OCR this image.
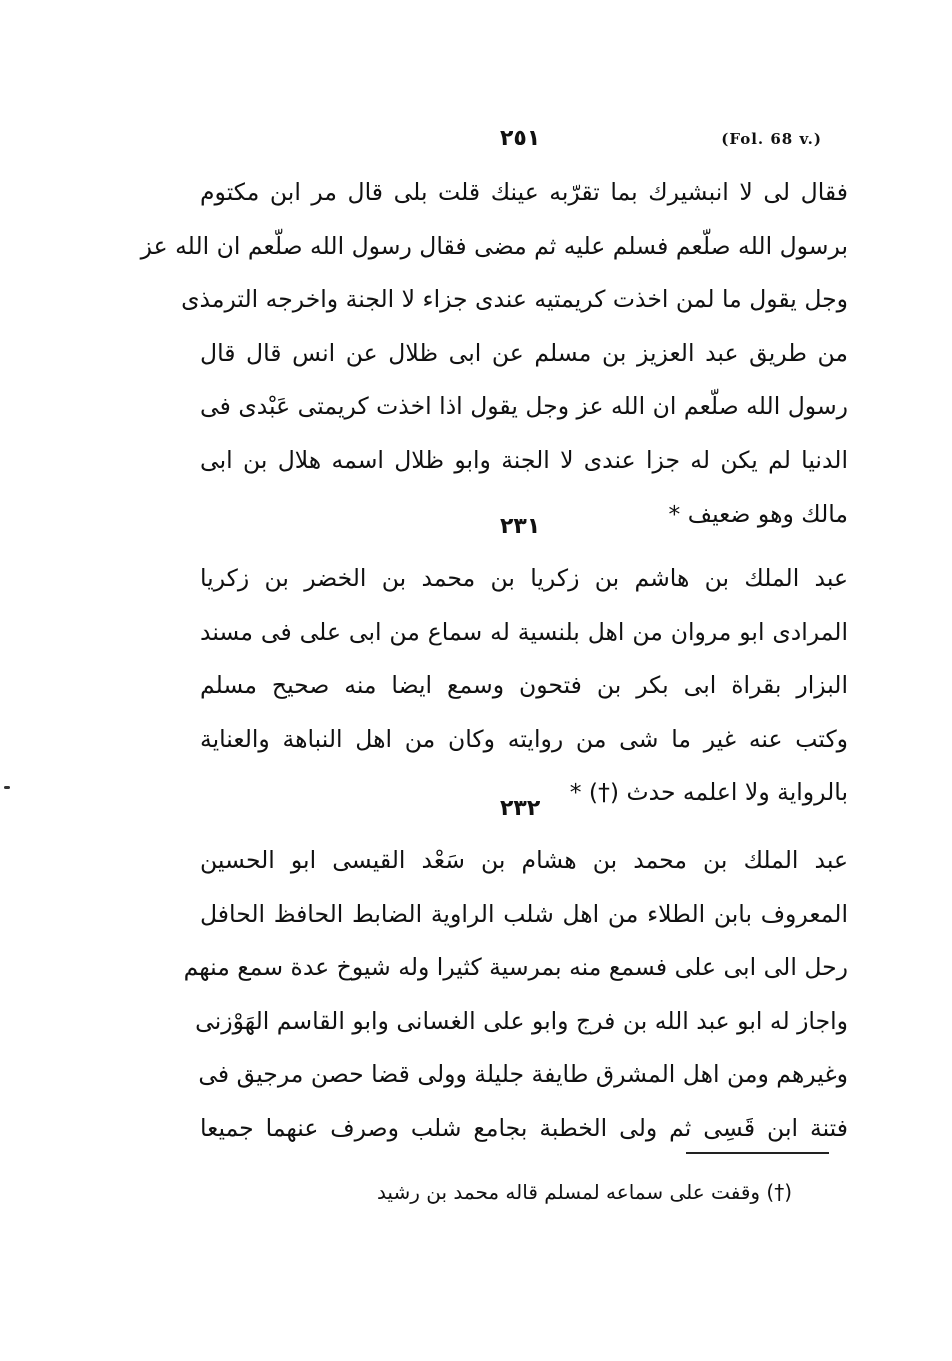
٢٥١	(Fol. 68 v.)
فقال لى لا انبشيرك بما تقرّبه عينك قلت بلى قال مر ابن مكتوم
برسول الله صلّعم فسلم عليه ثم مضى فقال رسول الله صلّعم ان الله عز
وجل يقول ما لمن اخذت كريمتيه عندى جزاء لا الجنة واخرجه الترمذى
من طريق عبد العزيز بن مسلم عن ابى ظلال عن انس قال قال
رسول الله صلّعم ان الله عز وجل يقول اذا اخذت كريمتى عَبْدى فى
الدنيا لم يكن له جزا عندى لا الجنة وابو ظلال اسمه هلال بن ابى
مالك وهو ضعيف *
٢٣١
عبد الملك بن هاشم بن زكريا بن محمد بن الخضر بن زكريا
المرادى ابو مروان من اهل بلنسية له سماع من ابى على فى مسند
البزار بقراة ابى بكر بن فتحون وسمع ايضا منه صحيح مسلم
وكتب عنه غير ما شى من روايته وكان من اهل النباهة والعناية
بالرواية ولا اعلمه حدث (†) *
٢٣٢
عبد الملك بن محمد بن هشام بن سَعْد القيسى ابو الحسين
المعروف بابن الطلاء من اهل شلب الراوية الضابط الحافظ الحافل
رحل الى ابى على فسمع منه بمرسية كثيرا وله شيوخ عدة سمع منهم
واجاز له ابو عبد الله بن فرج وابو على الغسانى وابو القاسم الهَوْزنى
وغيرهم ومن اهل المشرق طايفة جليلة وولى قضا حصن مرجيق فى
فتنة ابن قَسِى ثم ولى الخطبة بجامع شلب وصرف عنهما جميعا
(†) وقفت على سماعه لمسلم قاله محمد بن رشيد
